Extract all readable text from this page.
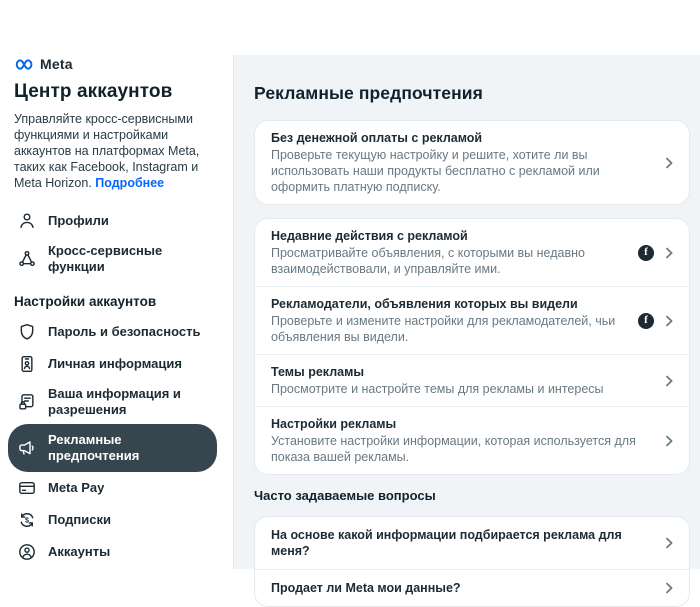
Meta
Центр аккаунтов

Управляйте кросс-сервисными функциями и настройками аккаунтов на платформах Meta, таких как Facebook, Instagram и Meta Horizon. Подробнее

Профили
Кросс-сервисные функции
Настройки аккаунтов
Пароль и безопасность
Личная информация
Ваша информация и разрешения
Рекламные предпочтения
Meta Pay
$ Подписки
Аккаунты
Рекламные предпочтения
Без денежной оплаты с рекламой
Проверьте текущую настройку и решите, хотите ли вы использовать наши продукты бесплатно с рекламой или оформить платную подписку.
Недавние действия с рекламой
Просматривайте объявления, с которыми вы недавно взаимодействовали, и управляйте ими.
f
Рекламодатели, объявления которых вы видели
Проверьте и измените настройки для рекламодателей, чьи объявления вы видели.
f
Темы рекламы
Просмотрите и настройте темы для рекламы и интересы
Настройки рекламы
Установите настройки информации, которая используется для показа вашей рекламы.
Часто задаваемые вопросы
На основе какой информации подбирается реклама для меня?
Продает ли Meta мои данные?
